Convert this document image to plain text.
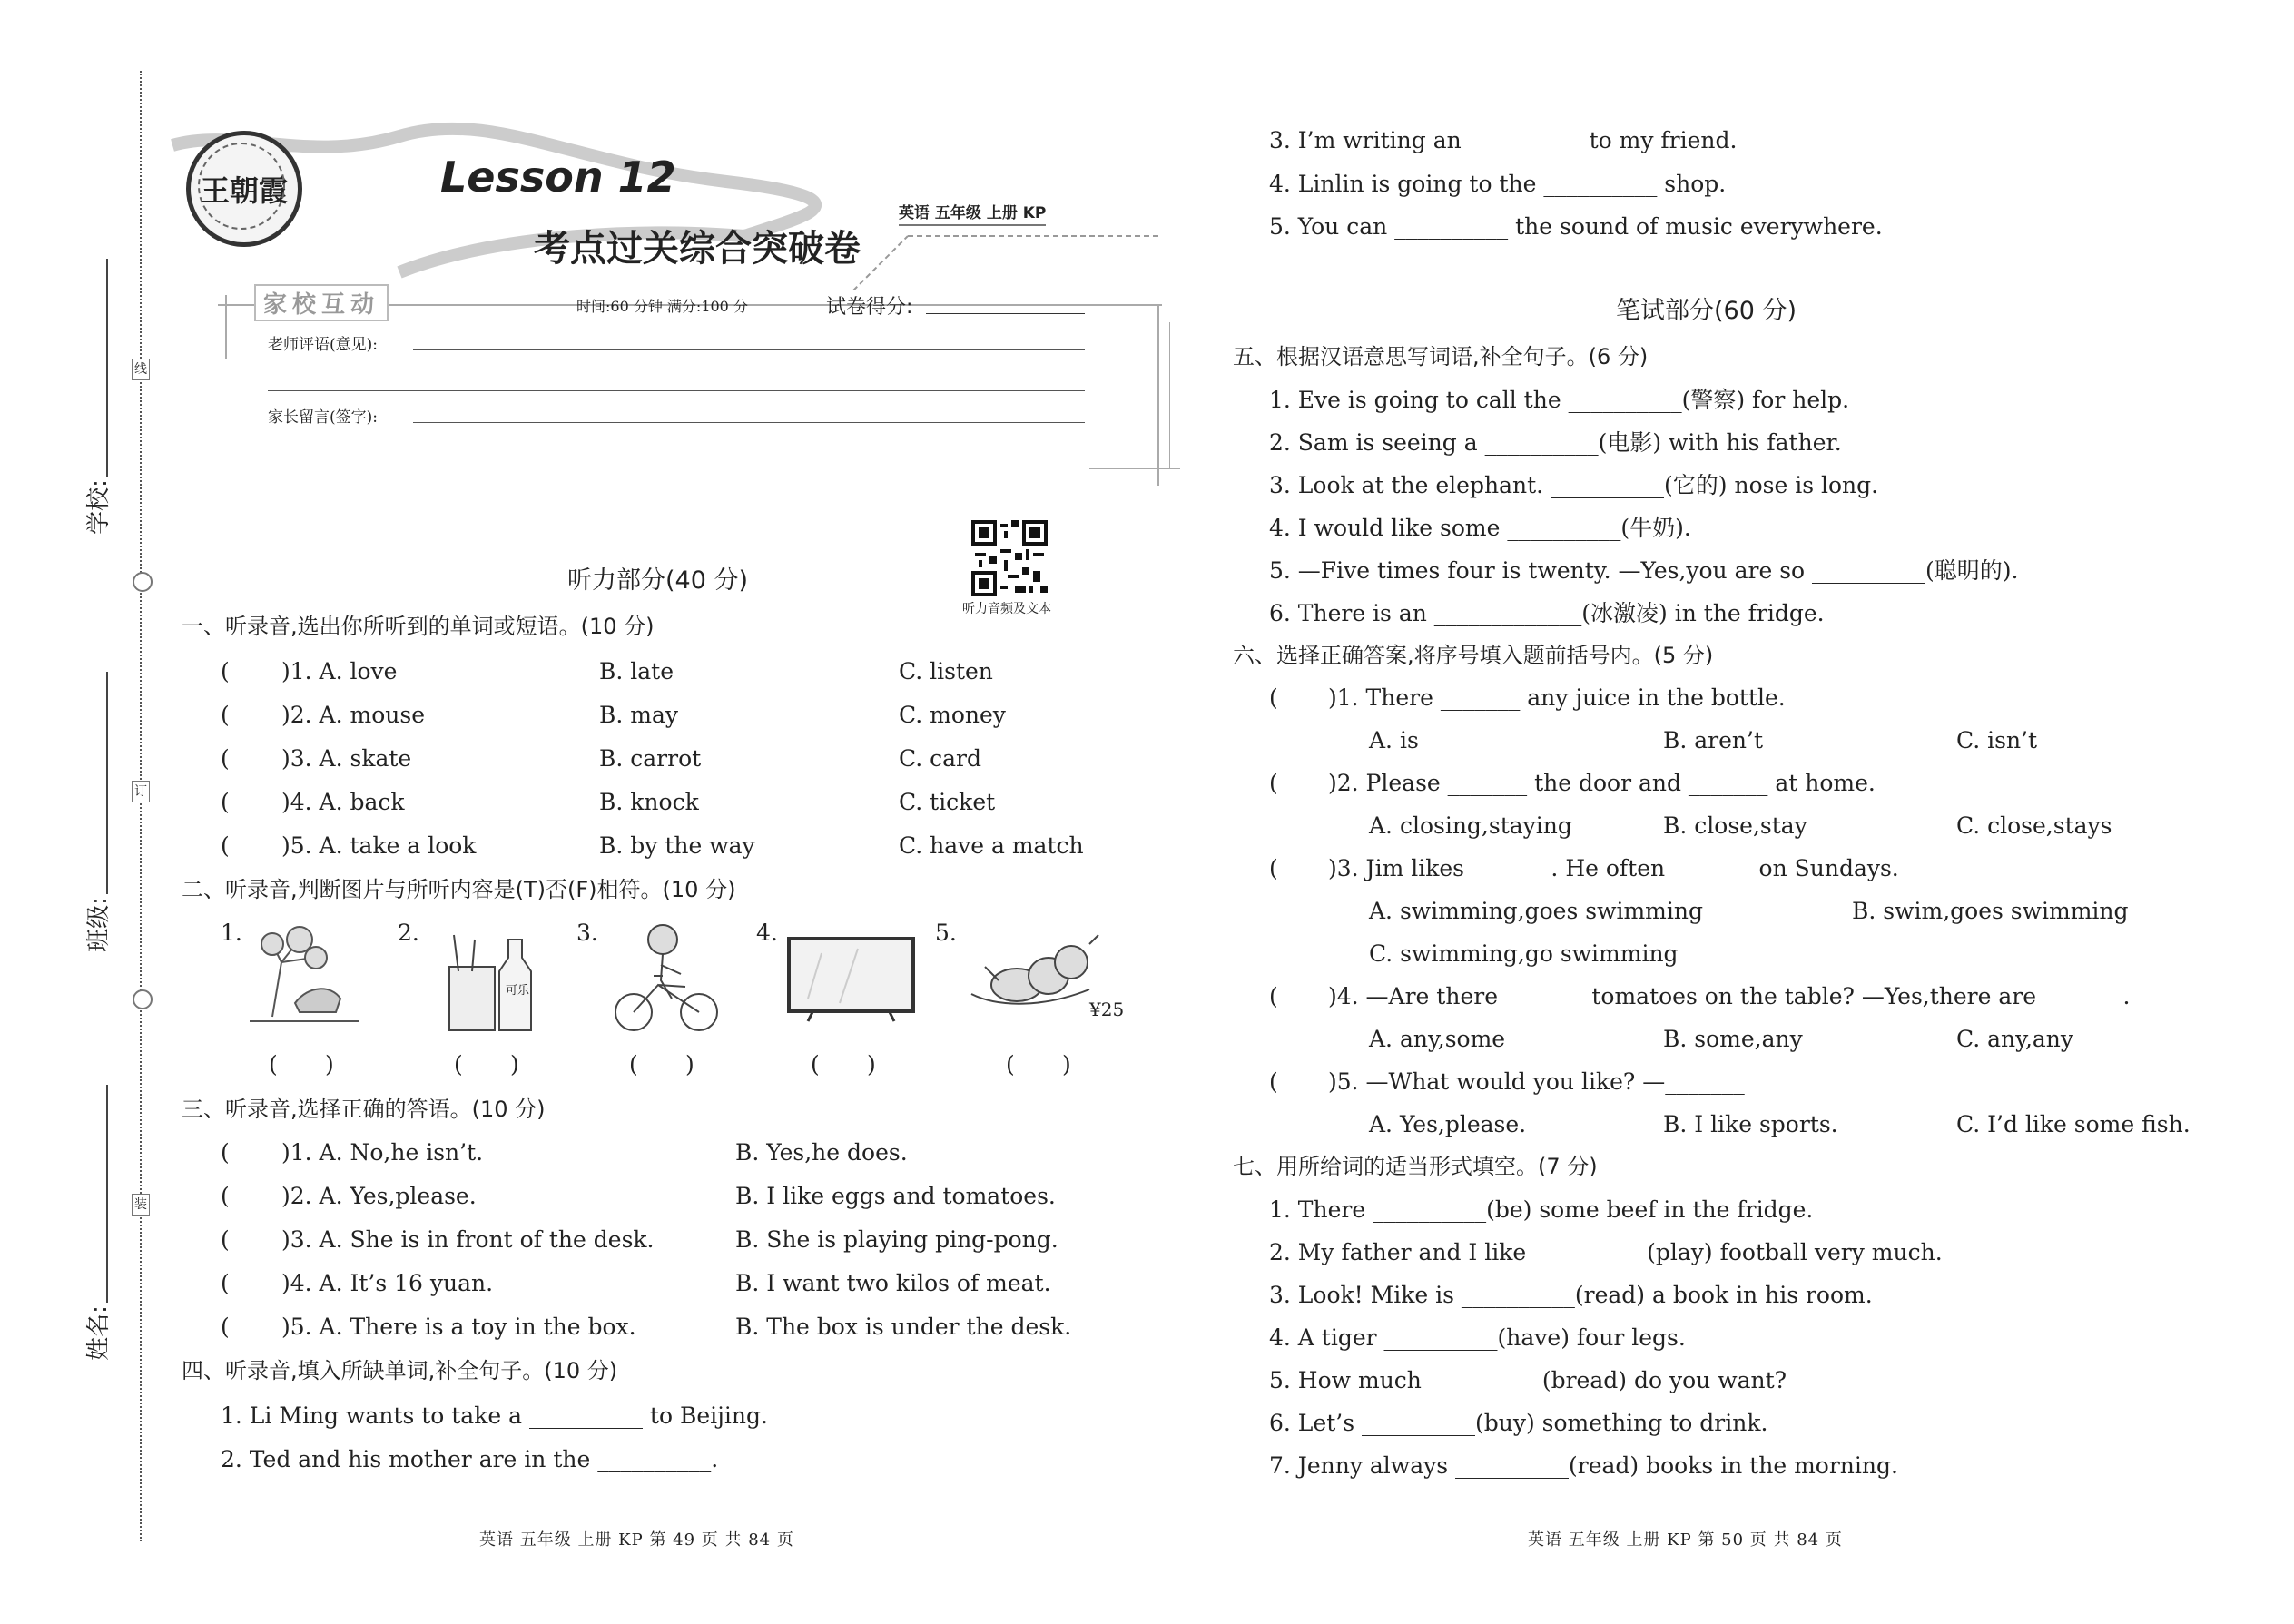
学校:
班级:
姓名:
线
订
装
王朝霞	Lesson 12
考点过关综合突破卷
英语 五年级 上册 KP
家校互动	时间:60 分钟 满分:100 分	试卷得分:
老师评语(意见):
家长留言(签字):
听力音频及文本
听力部分(40 分)
一、听录音,选出你所听到的单词或短语。(10 分)
( )1. A. love	B. late	C. listen
( )2. A. mouse	B. may	C. money
( )3. A. skate	B. carrot	C. card
( )4. A. back	B. knock	C. ticket
( )5. A. take a look	B. by the way	C. have a match
二、听录音,判断图片与所听内容是(T)否(F)相符。(10 分)
1.	2.
可乐
3.	4.	5.
¥25
( )	( )	( )	( )	( )
三、听录音,选择正确的答语。(10 分)
( )1. A. No,he isn’t.	B. Yes,he does.
( )2. A. Yes,please.	B. I like eggs and tomatoes.
( )3. A. She is in front of the desk.	B. She is playing ping-pong.
( )4. A. It’s 16 yuan.	B. I want two kilos of meat.
( )5. A. There is a toy in the box.	B. The box is under the desk.
四、听录音,填入所缺单词,补全句子。(10 分)
1. Li Ming wants to take a __________ to Beijing.
2. Ted and his mother are in the __________.
英语 五年级 上册 KP 第 49 页 共 84 页
3. I’m writing an __________ to my friend.
4. Linlin is going to the __________ shop.
5. You can __________ the sound of music everywhere.
笔试部分(60 分)
五、根据汉语意思写词语,补全句子。(6 分)
1. Eve is going to call the __________(警察) for help.
2. Sam is seeing a __________(电影) with his father.
3. Look at the elephant. __________(它的) nose is long.
4. I would like some __________(牛奶).
5. —Five times four is twenty. —Yes,you are so __________(聪明的).
6. There is an _____________(冰激凌) in the fridge.
六、选择正确答案,将序号填入题前括号内。(5 分)
( )1. There _______ any juice in the bottle.
A. is	B. aren’t	C. isn’t
( )2. Please _______ the door and _______ at home.
A. closing,staying	B. close,stay	C. close,stays
( )3. Jim likes _______. He often _______ on Sundays.
A. swimming,goes swimming	B. swim,goes swimming
C. swimming,go swimming
( )4. —Are there _______ tomatoes on the table? —Yes,there are _______.
A. any,some	B. some,any	C. any,any
( )5. —What would you like? —_______
A. Yes,please.	B. I like sports.	C. I’d like some fish.
七、用所给词的适当形式填空。(7 分)
1. There __________(be) some beef in the fridge.
2. My father and I like __________(play) football very much.
3. Look! Mike is __________(read) a book in his room.
4. A tiger __________(have) four legs.
5. How much __________(bread) do you want?
6. Let’s __________(buy) something to drink.
7. Jenny always __________(read) books in the morning.
英语 五年级 上册 KP 第 50 页 共 84 页
